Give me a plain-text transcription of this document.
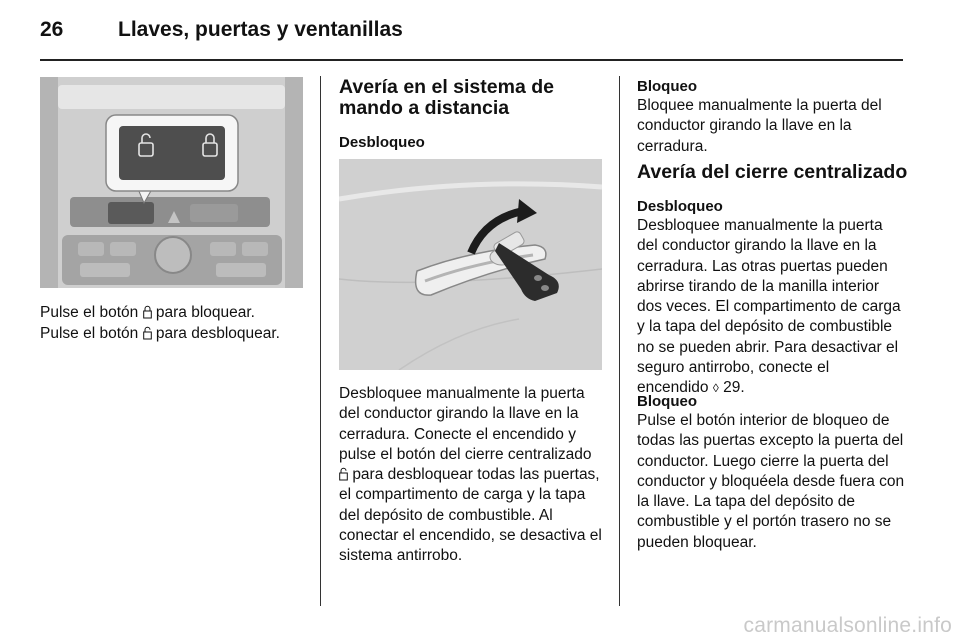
26	Llaves, puertas y ventanillas
Pulse el botón para bloquear.
Pulse el botón para desbloquear.
Avería en el sistema de mando a distancia
Desbloqueo
Desbloquee manualmente la puerta del conductor girando la llave en la cerradura. Conecte el encendido y pulse el botón del cierre centralizado
para desbloquear todas las puertas, el compartimento de carga y la tapa del depósito de combustible. Al conectar el encendido, se desactiva el sistema antirrobo.
Bloqueo
Bloquee manualmente la puerta del conductor girando la llave en la cerradura.
Avería del cierre centralizado
Desbloqueo
Desbloquee manualmente la puerta del conductor girando la llave en la cerradura. Las otras puertas pueden abrirse tirando de la manilla interior dos veces. El compartimento de carga y la tapa del depósito de combustible no se pueden abrir. Para desactivar el seguro antirrobo, conecte el encendido ◊ 29.
Bloqueo
Pulse el botón interior de bloqueo de todas las puertas excepto la puerta del conductor. Luego cierre la puerta del conductor y bloquéela desde fuera con la llave. La tapa del depósito de combustible y el portón trasero no se pueden bloquear.
carmanualsonline.info
